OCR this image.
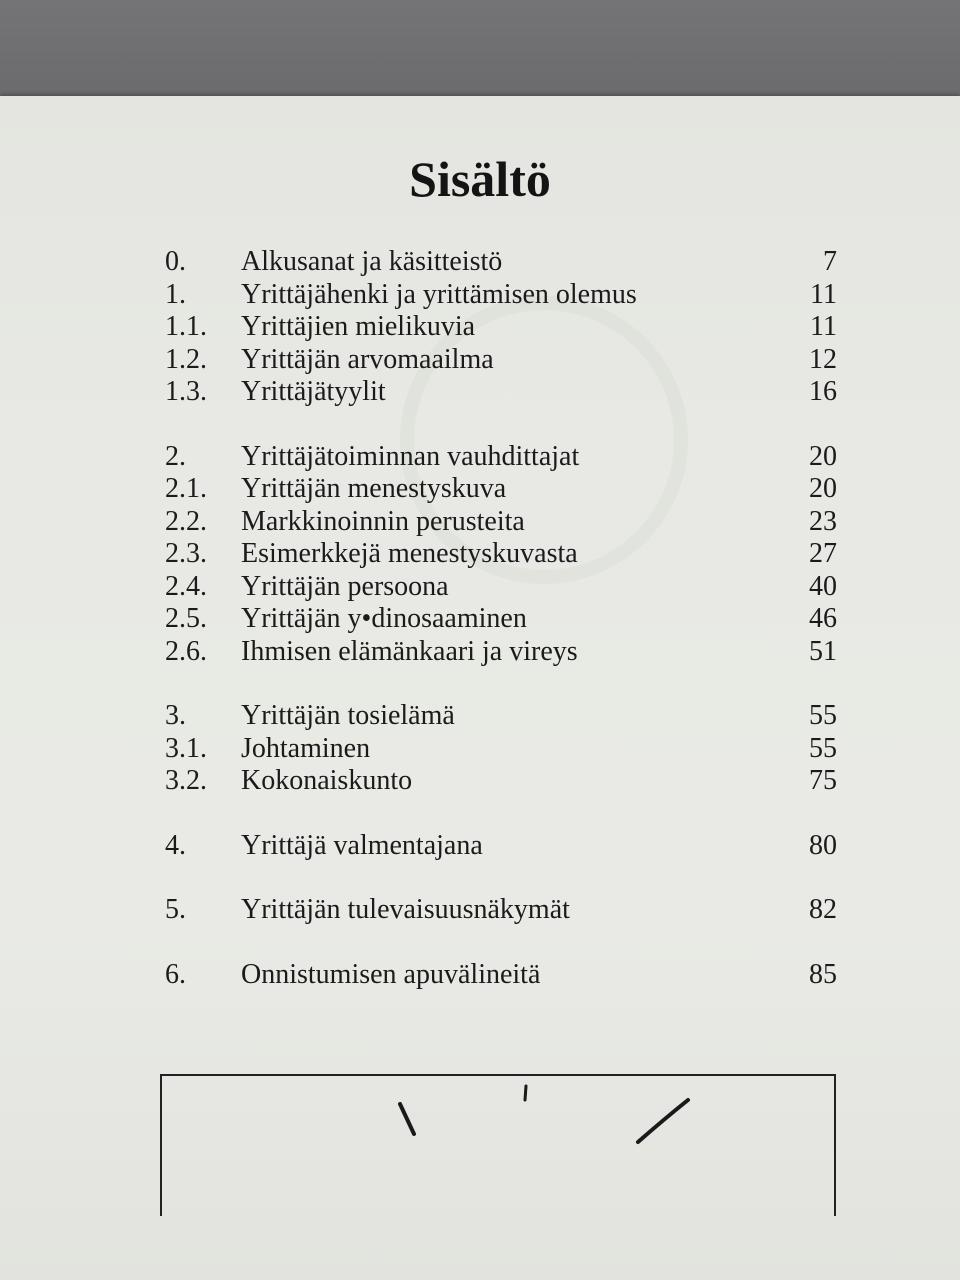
Sisältö
0. Alkusanat ja käsitteistö	7
1. Yrittäjähenki ja yrittämisen olemus	11
1.1. Yrittäjien mielikuvia	11
1.2. Yrittäjän arvomaailma	12
1.3. Yrittäjätyylit	16
2. Yrittäjätoiminnan vauhdittajat	20
2.1. Yrittäjän menestyskuva	20
2.2. Markkinoinnin perusteita	23
2.3. Esimerkkejä menestyskuvasta	27
2.4. Yrittäjän persoona	40
2.5. Yrittäjän y•dinosaaminen	46
2.6. Ihmisen elämänkaari ja vireys	51
3. Yrittäjän tosielämä	55
3.1. Johtaminen	55
3.2. Kokonaiskunto	75
4. Yrittäjä valmentajana	80
5. Yrittäjän tulevaisuusnäkymät	82
6. Onnistumisen apuvälineitä	85
